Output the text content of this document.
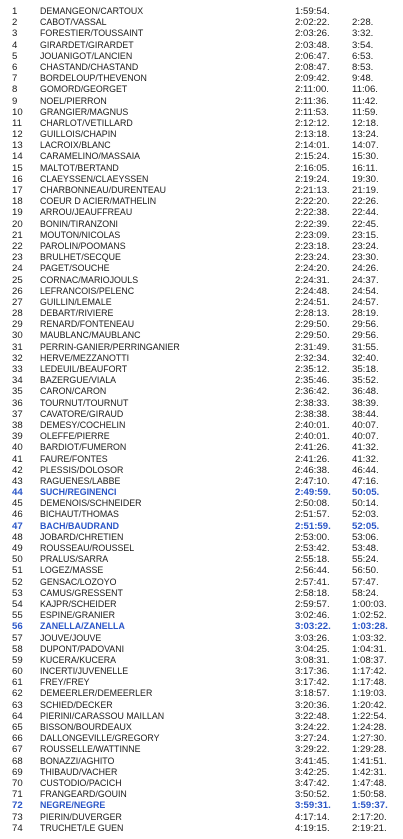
1	DEMANGEON/CARTOUX	1:59:54.
2	CABOT/VASSAL	2:02:22. 2:28.
3	FORESTIER/TOUSSAINT	2:03:26. 3:32.
4	GIRARDET/GIRARDET	2:03:48. 3:54.
5	JOUANIGOT/LANCIEN	2:06:47. 6:53.
6	CHASTAND/CHASTAND	2:08:47. 8:53.
7	BORDELOUP/THEVENON	2:09:42. 9:48.
8	GOMORD/GEORGET	2:11:00. 11:06.
9	NOEL/PIERRON	2:11:36. 11:42.
10	GRANGIER/MAGNUS	2:11:53. 11:59.
11	CHARLOT/VETILLARD	2:12:12. 12:18.
12	GUILLOIS/CHAPIN	2:13:18. 13:24.
13	LACROIX/BLANC	2:14:01. 14:07.
14	CARAMELINO/MASSAIA	2:15:24. 15:30.
15	MALTOT/BERTAND	2:16:05. 16:11.
16	CLAEYSSEN/CLAEYSSEN	2:19:24. 19:30.
17	CHARBONNEAU/DURENTEAU	2:21:13. 21:19.
18	COEUR D ACIER/MATHELIN	2:22:20. 22:26.
19	ARROU/JEAUFFREAU	2:22:38. 22:44.
20	BONIN/TIRANZONI	2:22:39. 22:45.
21	MOUTON/NICOLAS	2:23:09. 23:15.
22	PAROLIN/POOMANS	2:23:18. 23:24.
23	BRULHET/SECQUE	2:23:24. 23:30.
24	PAGET/SOUCHE	2:24:20. 24:26.
25	CORNAC/MARIOJOULS	2:24:31. 24:37.
26	LEFRANCOIS/PELENC	2:24:48. 24:54.
27	GUILLIN/LEMALE	2:24:51. 24:57.
28	DEBART/RIVIERE	2:28:13. 28:19.
29	RENARD/FONTENEAU	2:29:50. 29:56.
30	MAUBLANC/MAUBLANC	2:29:50. 29:56.
31	PERRIN-GANIER/PERRINGANIER	2:31:49. 31:55.
32	HERVE/MEZZANOTTI	2:32:34. 32:40.
33	LEDEUIL/BEAUFORT	2:35:12. 35:18.
34	BAZERGUE/VIALA	2:35:46. 35:52.
35	CARON/CARON	2:36:42. 36:48.
36	TOURNUT/TOURNUT	2:38:33. 38:39.
37	CAVATORE/GIRAUD	2:38:38. 38:44.
38	DEMESY/COCHELIN	2:40:01. 40:07.
39	OLEFFE/PIERRE	2:40:01. 40:07.
40	BARDIOT/FUMERON	2:41:26. 41:32.
41	FAURE/FONTES	2:41:26. 41:32.
42	PLESSIS/DOLOSOR	2:46:38. 46:44.
43	RAGUENES/LABBE	2:47:10. 47:16.
44	SUCH/REGINENCI	2:49:59. 50:05.
45	DEMENOIS/SCHNEIDER	2:50:08. 50:14.
46	BICHAUT/THOMAS	2:51:57. 52:03.
47	BACH/BAUDRAND	2:51:59. 52:05.
48	JOBARD/CHRETIEN	2:53:00. 53:06.
49	ROUSSEAU/ROUSSEL	2:53:42. 53:48.
50	PRALUS/SARRA	2:55:18. 55:24.
51	LOGEZ/MASSE	2:56:44. 56:50.
52	GENSAC/LOZOYO	2:57:41. 57:47.
53	CAMUS/GRESSENT	2:58:18. 58:24.
54	KAJPR/SCHEIDER	2:59:57. 1:00:03.
55	ESPINE/GRANIER	3:02:46. 1:02:52.
56	ZANELLA/ZANELLA	3:03:22. 1:03:28.
57	JOUVE/JOUVE	3:03:26. 1:03:32.
58	DUPONT/PADOVANI	3:04:25. 1:04:31.
59	KUCERA/KUCERA	3:08:31. 1:08:37.
60	INCERTI/JUVENELLE	3:17:36. 1:17:42.
61	FREY/FREY	3:17:42. 1:17:48.
62	DEMEERLER/DEMEERLER	3:18:57. 1:19:03.
63	SCHIED/DECKER	3:20:36. 1:20:42.
64	PIERINI/CARASSOU MAILLAN	3:22:48. 1:22:54.
65	BISSON/BOURDEAUX	3:24:22. 1:24:28.
66	DALLONGEVILLE/GREGORY	3:27:24. 1:27:30.
67	ROUSSELLE/WATTINNE	3:29:22. 1:29:28.
68	BONAZZI/AGHITO	3:41:45. 1:41:51.
69	THIBAUD/VACHER	3:42:25. 1:42:31.
70	CUSTODIO/PACICH	3:47:42. 1:47:48.
71	FRANGEARD/GOUIN	3:50:52. 1:50:58.
72	NEGRE/NEGRE	3:59:31. 1:59:37.
73	PIERIN/DUVERGER	4:17:14. 2:17:20.
74	TRUCHET/LE GUEN	4:19:15. 2:19:21.
